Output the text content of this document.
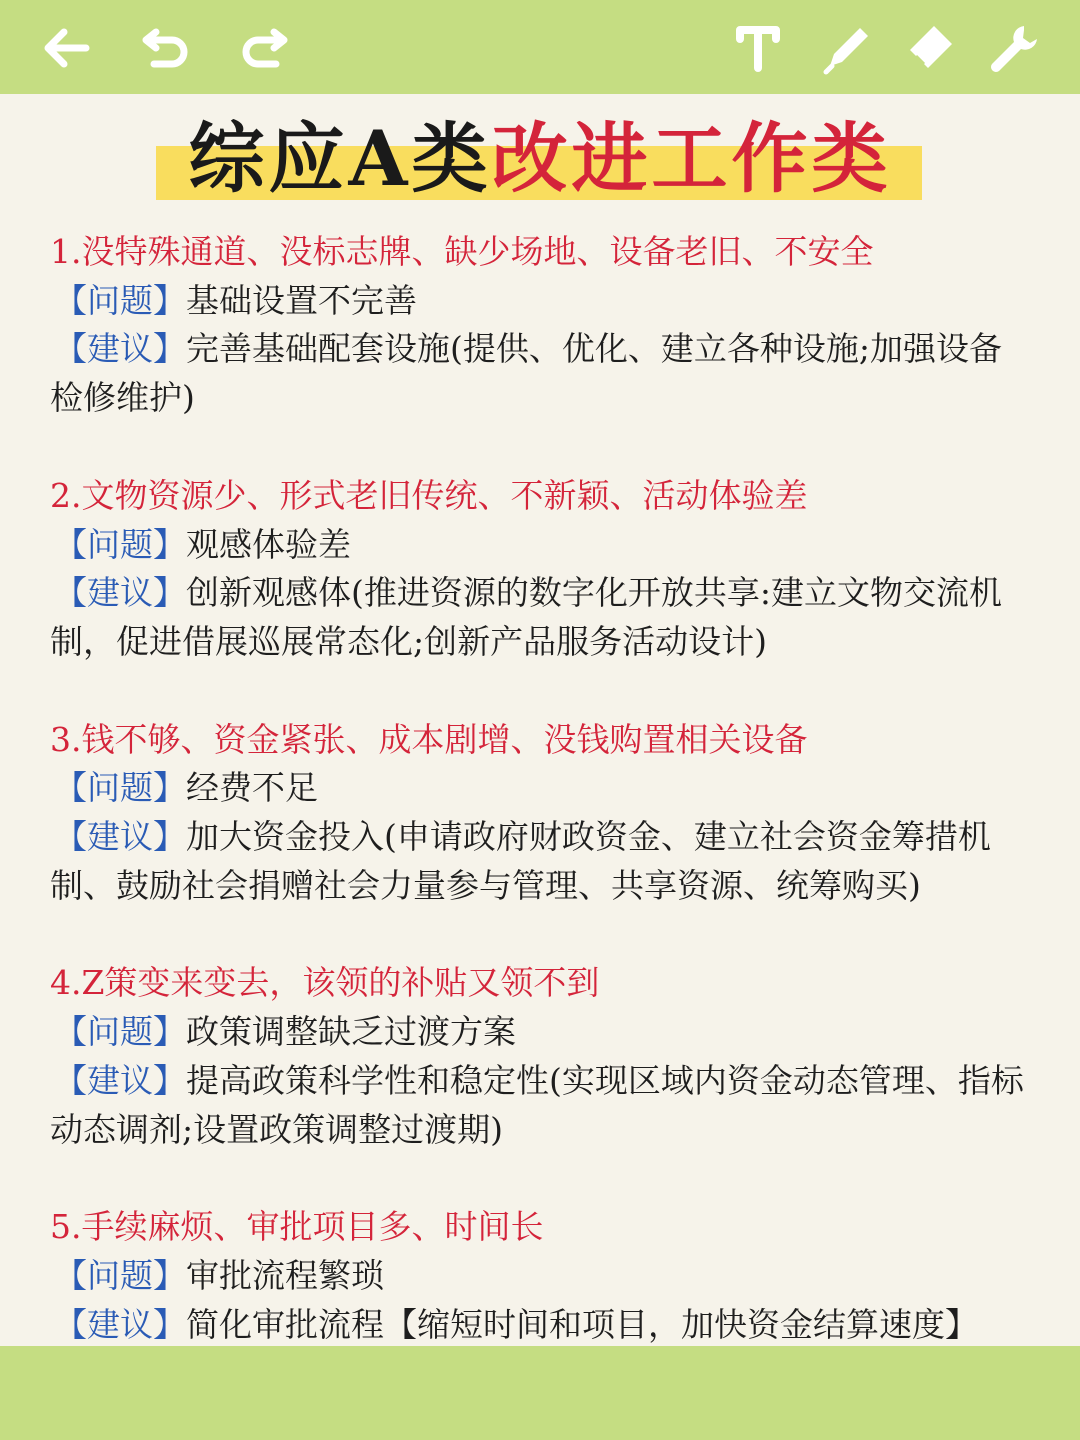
综应A类改进工作类
1.没特殊通道、没标志牌、缺少场地、设备老旧、不安全
【问题】基础设置不完善
【建议】完善基础配套设施(提供、优化、建立各种设施;加强设备检修维护)
2.文物资源少、形式老旧传统、不新颖、活动体验差
【问题】观感体验差
【建议】创新观感体(推进资源的数字化开放共享:建立文物交流机制，促进借展巡展常态化;创新产品服务活动设计)
3.钱不够、资金紧张、成本剧增、没钱购置相关设备
【问题】经费不足
【建议】加大资金投入(申请政府财政资金、建立社会资金筹措机制、鼓励社会捐赠社会力量参与管理、共享资源、统筹购买)
4.Z策变来变去，该领的补贴又领不到
【问题】政策调整缺乏过渡方案
【建议】提高政策科学性和稳定性(实现区域内资金动态管理、指标动态调剂;设置政策调整过渡期)
5.手续麻烦、审批项目多、时间长
【问题】审批流程繁琐
【建议】简化审批流程【缩短时间和项目，加快资金结算速度】
